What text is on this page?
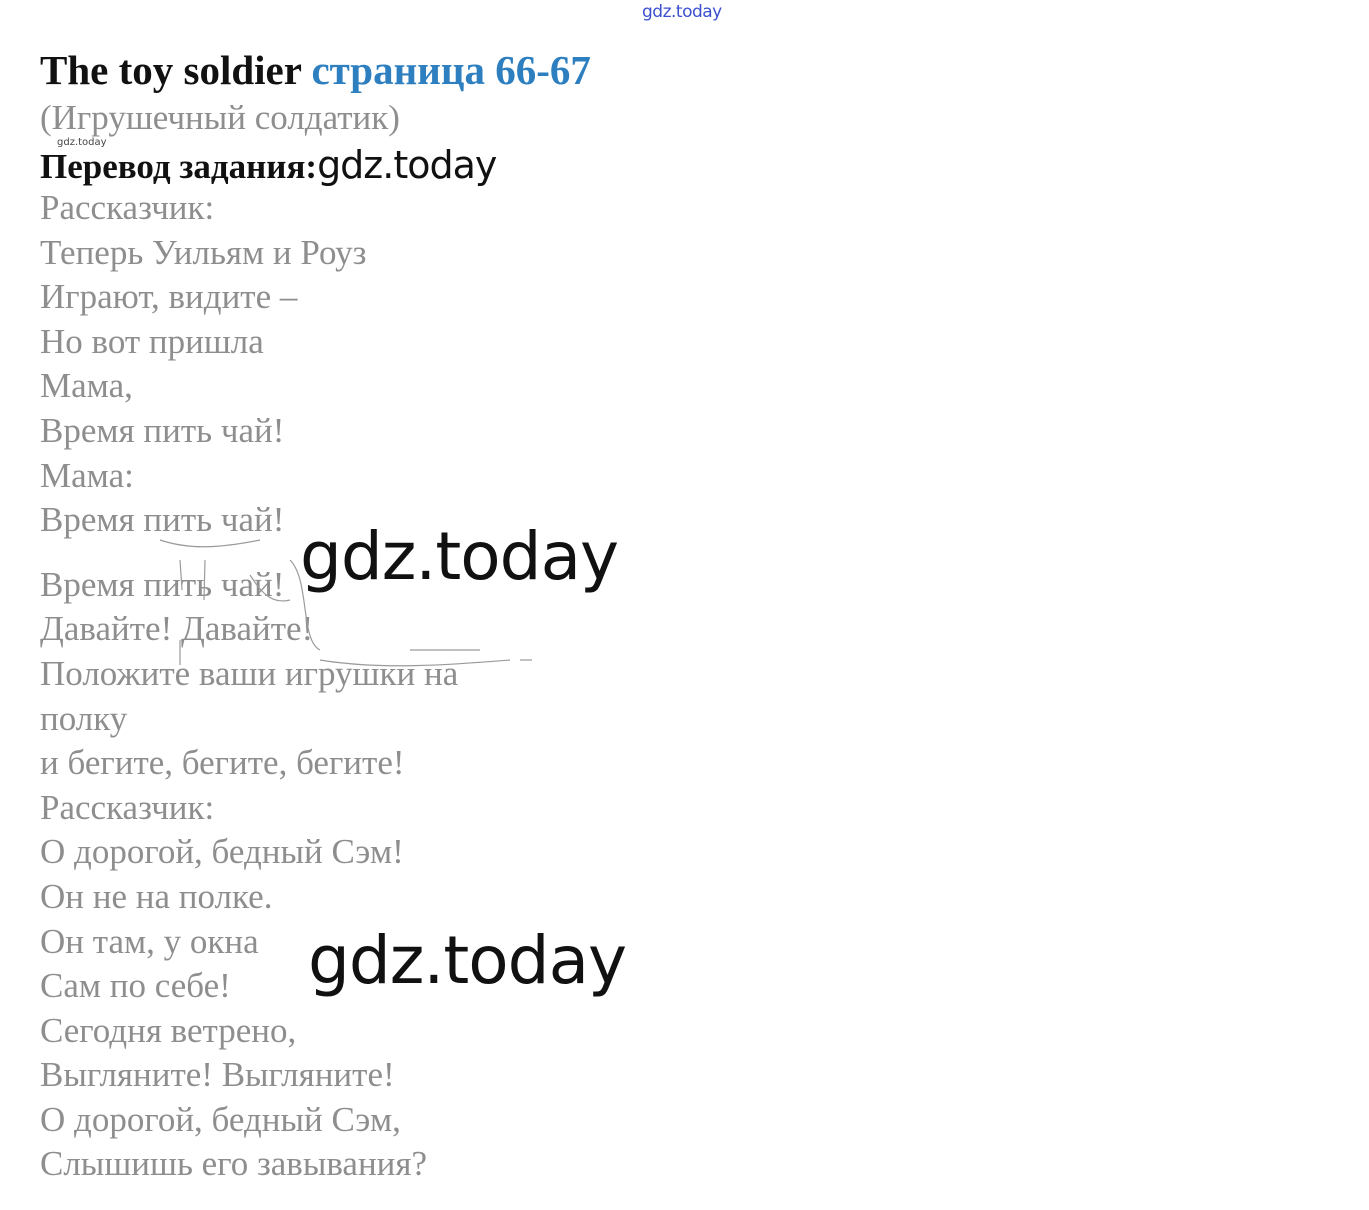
gdz.today
The toy soldier страница 66-67
(Игрушечный солдатик)
gdz.today
Перевод задания:gdz.today
Рассказчик:
Теперь Уильям и Роуз
Играют, видите –
Но вот пришла
Мама,
Время пить чай!
Мама:
Время пить чай!
Время пить чай!
Давайте! Давайте!
Положите ваши игрушки на
полку
и бегите, бегите, бегите!
Рассказчик:
О дорогой, бедный Сэм!
Он не на полке.
Он там, у окна
Сам по себе!
Сегодня ветрено,
Выгляните! Выгляните!
О дорогой, бедный Сэм,
Слышишь его завывания?
gdz.today
gdz.today
